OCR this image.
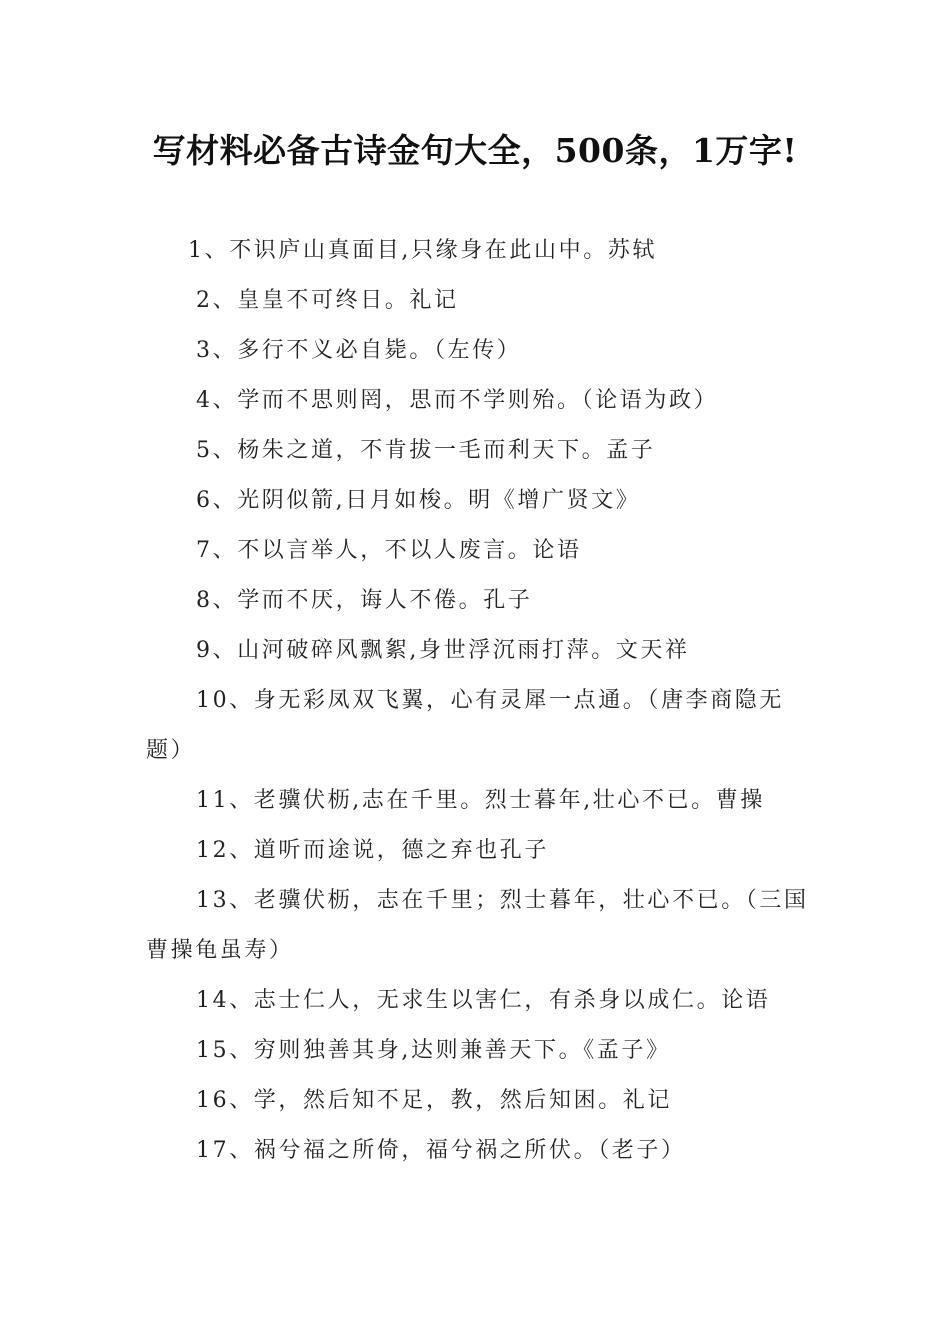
写材料必备古诗金句大全，500条，1万字!

1、不识庐山真面目,只缘身在此山中。苏轼

2、皇皇不可终日。礼记

3、多行不义必自毙。（左传）

4、学而不思则罔，思而不学则殆。（论语为政）

5、杨朱之道，不肯拔一毛而利天下。孟子

6、光阴似箭,日月如梭。明《增广贤文》

7、不以言举人，不以人废言。论语

8、学而不厌，诲人不倦。孔子

9、山河破碎风飘絮,身世浮沉雨打萍。文天祥

10、身无彩凤双飞翼，心有灵犀一点通。（唐李商隐无题）

11、老骥伏枥,志在千里。烈士暮年,壮心不已。曹操

12、道听而途说，德之弃也孔子

13、老骥伏枥，志在千里；烈士暮年，壮心不已。（三国曹操龟虽寿）

14、志士仁人，无求生以害仁，有杀身以成仁。论语

15、穷则独善其身,达则兼善天下。《孟子》

16、学，然后知不足，教，然后知困。礼记

17、祸兮福之所倚，福兮祸之所伏。（老子）
